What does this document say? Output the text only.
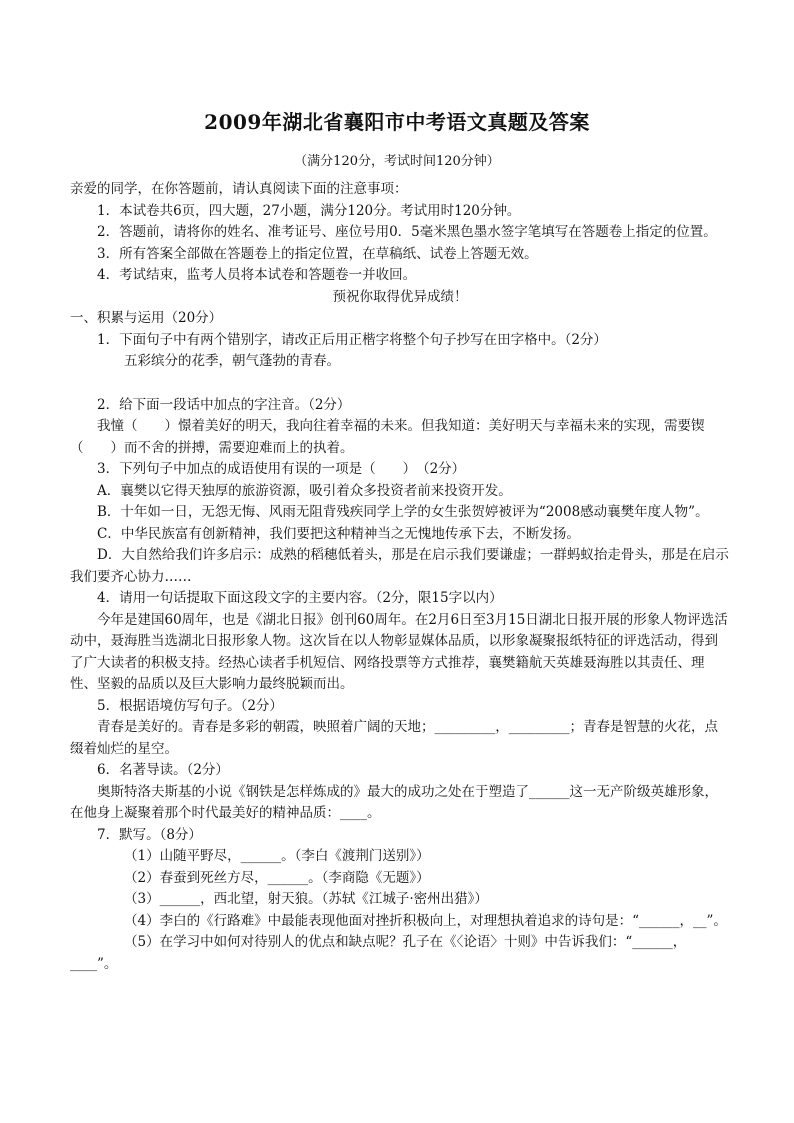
2009年湖北省襄阳市中考语文真题及答案
（满分120分，考试时间120分钟）

亲爱的同学，在你答题前，请认真阅读下面的注意事项：

1．本试卷共6页，四大题，27小题，满分120分。考试用时120分钟。

2．答题前，请将你的姓名、准考证号、座位号用0．5毫米黑色墨水签字笔填写在答题卷上指定的位置。

3．所有答案全部做在答题卷上的指定位置，在草稿纸、试卷上答题无效。

4．考试结束，监考人员将本试卷和答题卷一并收回。

预祝你取得优异成绩！

一、积累与运用（20分）

1．下面句子中有两个错别字，请改正后用正楷字将整个句子抄写在田字格中。（2分）

五彩缤分的花季，朝气蓬勃的青春。

2．给下面一段话中加点的字注音。（2分）

我憧（　　）憬着美好的明天，我向往着幸福的未来。但我知道：美好明天与幸福未来的实现，需要锲（　　）而不舍的拼搏，需要迎难而上的执着。

3．下列句子中加点的成语使用有误的一项是（　　）　（2分）

A．襄樊以它得天独厚的旅游资源，吸引着众多投资者前来投资开发。

B．十年如一日，无怨无悔、风雨无阻背残疾同学上学的女生张贺婷被评为“2008感动襄樊年度人物”。

C．中华民族富有创新精神，我们要把这种精神当之无愧地传承下去，不断发扬。

D．大自然给我们许多启示：成熟的稻穗低着头，那是在启示我们要谦虚；一群蚂蚁抬走骨头，那是在启示我们要齐心协力……

4．请用一句话提取下面这段文字的主要内容。（2分，限15字以内）

今年是建国60周年，也是《湖北日报》创刊60周年。在2月6日至3月15日湖北日报开展的形象人物评选活动中，聂海胜当选湖北日报形象人物。这次旨在以人物彰显媒体品质，以形象凝聚报纸特征的评选活动，得到了广大读者的积极支持。经热心读者手机短信、网络投票等方式推荐，襄樊籍航天英雄聂海胜以其责任、理性、坚毅的品质以及巨大影响力最终脱颖而出。

5．根据语境仿写句子。（2分）

青春是美好的。青春是多彩的朝霞，映照着广阔的天地；_________，_________；青春是智慧的火花，点缀着灿烂的星空。

6．名著导读。（2分）

奥斯特洛夫斯基的小说《钢铁是怎样炼成的》最大的成功之处在于塑造了______这一无产阶级英雄形象，在他身上凝聚着那个时代最美好的精神品质：____。

7．默写。（8分）

（1）山随平野尽，______。（李白《渡荆门送别》）

（2）春蚕到死丝方尽，______。（李商隐《无题》）

（3）______，西北望，射天狼。（苏轼《江城子·密州出猎》）

（4）李白的《行路难》中最能表现他面对挫折积极向上，对理想执着追求的诗句是：“______，__”。

（5）在学习中如何对待别人的优点和缺点呢？孔子在《〈论语〉十则》中告诉我们：“______，____”。
